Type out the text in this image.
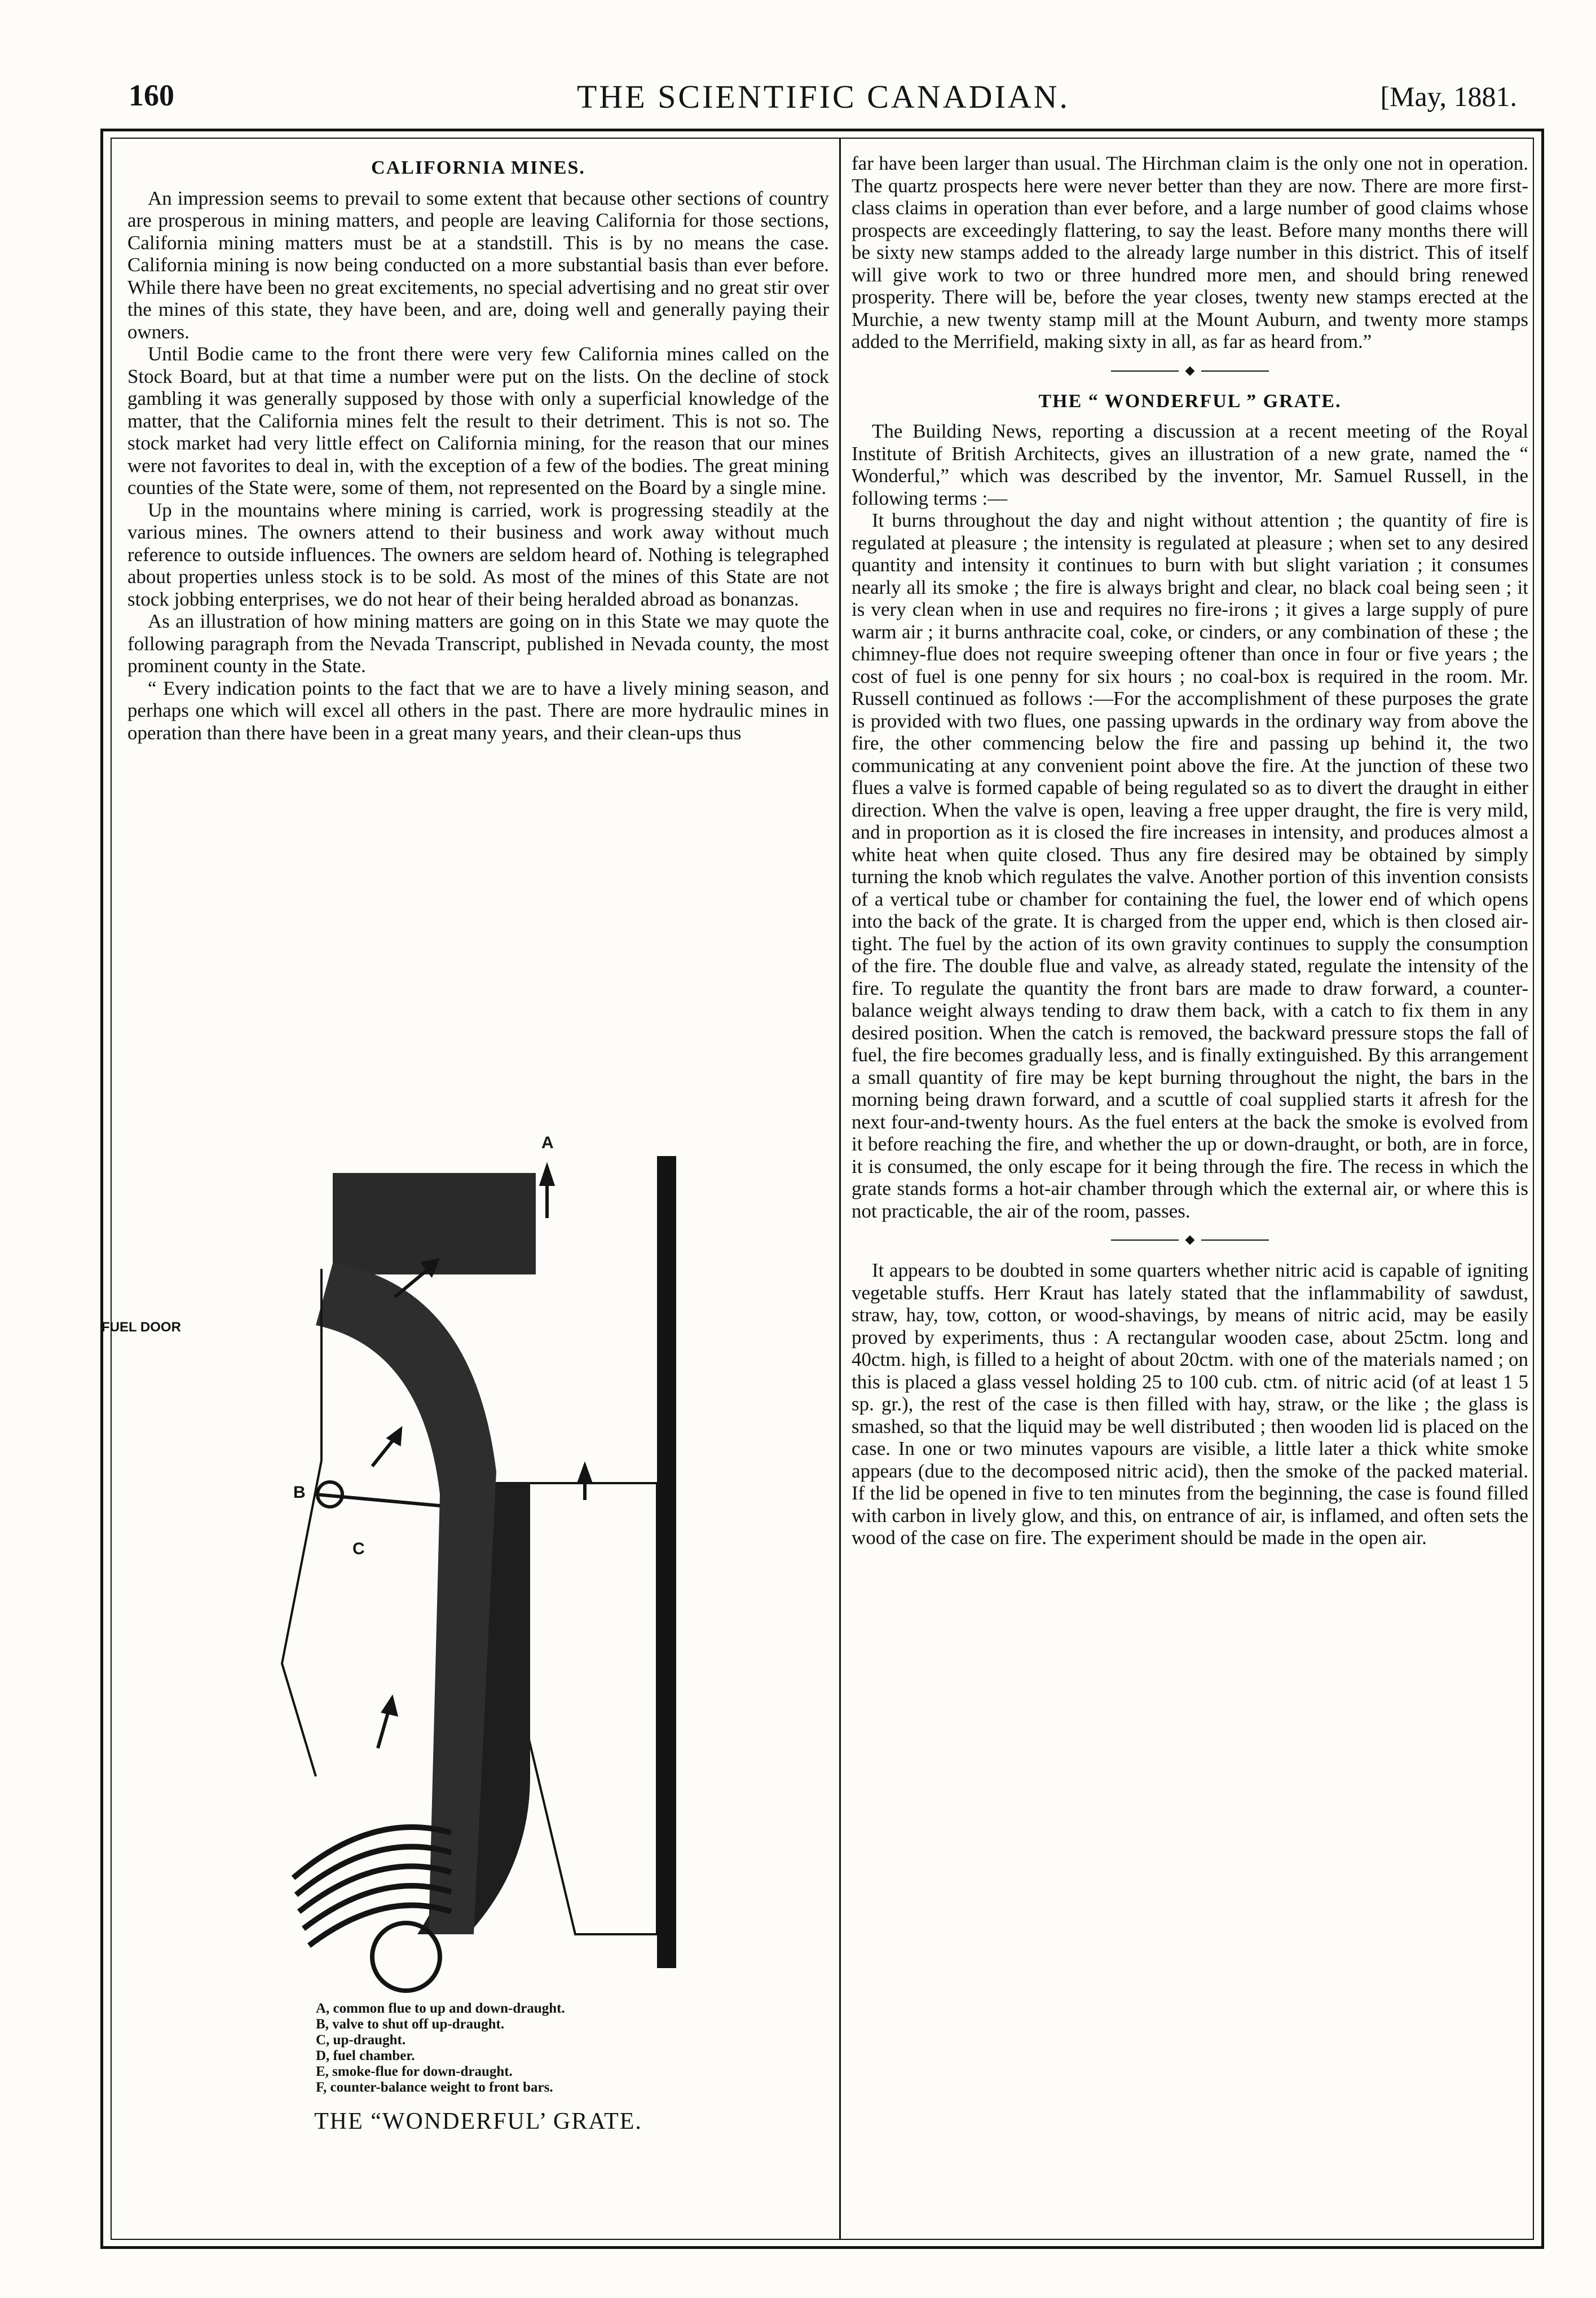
160	THE SCIENTIFIC CANADIAN.	[May, 1881.
CALIFORNIA MINES.

An impression seems to prevail to some extent that because other sections of country are prosperous in mining matters, and people are leaving California for those sections, California mining matters must be at a standstill. This is by no means the case. California mining is now being conducted on a more substantial basis than ever before. While there have been no great excitements, no special advertising and no great stir over the mines of this state, they have been, and are, doing well and generally paying their owners.

Until Bodie came to the front there were very few California mines called on the Stock Board, but at that time a number were put on the lists. On the decline of stock gambling it was generally supposed by those with only a superficial knowledge of the matter, that the California mines felt the result to their detriment. This is not so. The stock market had very little effect on California mining, for the reason that our mines were not favorites to deal in, with the exception of a few of the bodies. The great mining counties of the State were, some of them, not represented on the Board by a single mine.

Up in the mountains where mining is carried, work is progressing steadily at the various mines. The owners attend to their business and work away without much reference to outside influences. The owners are seldom heard of. Nothing is telegraphed about properties unless stock is to be sold. As most of the mines of this State are not stock jobbing enterprises, we do not hear of their being heralded abroad as bonanzas.

As an illustration of how mining matters are going on in this State we may quote the following paragraph from the Nevada Transcript, published in Nevada county, the most prominent county in the State.

“ Every indication points to the fact that we are to have a lively mining season, and perhaps one which will excel all others in the past. There are more hydraulic mines in operation than there have been in a great many years, and their clean-ups thus

FUEL DOOR
A
B
C
A, common flue to up and down-draught.
B, valve to shut off up-draught.
C, up-draught.
D, fuel chamber.
E, smoke-flue for down-draught.
F, counter-balance weight to front bars.
THE “WONDERFUL’ GRATE.

far have been larger than usual. The Hirchman claim is the only one not in operation. The quartz prospects here were never better than they are now. There are more first-class claims in operation than ever before, and a large number of good claims whose prospects are exceedingly flattering, to say the least. Before many months there will be sixty new stamps added to the already large number in this district. This of itself will give work to two or three hundred more men, and should bring renewed prosperity. There will be, before the year closes, twenty new stamps erected at the Murchie, a new twenty stamp mill at the Mount Auburn, and twenty more stamps added to the Merrifield, making sixty in all, as far as heard from.”

THE “ WONDERFUL ” GRATE.

The Building News, reporting a discussion at a recent meeting of the Royal Institute of British Architects, gives an illustration of a new grate, named the “ Wonderful,” which was described by the inventor, Mr. Samuel Russell, in the following terms :—

It burns throughout the day and night without attention ; the quantity of fire is regulated at pleasure ; the intensity is regulated at pleasure ; when set to any desired quantity and intensity it continues to burn with but slight variation ; it consumes nearly all its smoke ; the fire is always bright and clear, no black coal being seen ; it is very clean when in use and requires no fire-irons ; it gives a large supply of pure warm air ; it burns anthracite coal, coke, or cinders, or any combination of these ; the chimney-flue does not require sweeping oftener than once in four or five years ; the cost of fuel is one penny for six hours ; no coal-box is required in the room. Mr. Russell continued as follows :—For the accomplishment of these purposes the grate is provided with two flues, one passing upwards in the ordinary way from above the fire, the other commencing below the fire and passing up behind it, the two communicating at any convenient point above the fire. At the junction of these two flues a valve is formed capable of being regulated so as to divert the draught in either direction. When the valve is open, leaving a free upper draught, the fire is very mild, and in proportion as it is closed the fire increases in intensity, and produces almost a white heat when quite closed. Thus any fire desired may be obtained by simply turning the knob which regulates the valve. Another portion of this invention consists of a vertical tube or chamber for containing the fuel, the lower end of which opens into the back of the grate. It is charged from the upper end, which is then closed air-tight. The fuel by the action of its own gravity continues to supply the consumption of the fire. The double flue and valve, as already stated, regulate the intensity of the fire. To regulate the quantity the front bars are made to draw forward, a counter-balance weight always tending to draw them back, with a catch to fix them in any desired position. When the catch is removed, the backward pressure stops the fall of fuel, the fire becomes gradually less, and is finally extinguished. By this arrangement a small quantity of fire may be kept burning throughout the night, the bars in the morning being drawn forward, and a scuttle of coal supplied starts it afresh for the next four-and-twenty hours. As the fuel enters at the back the smoke is evolved from it before reaching the fire, and whether the up or down-draught, or both, are in force, it is consumed, the only escape for it being through the fire. The recess in which the grate stands forms a hot-air chamber through which the external air, or where this is not practicable, the air of the room, passes.

It appears to be doubted in some quarters whether nitric acid is capable of igniting vegetable stuffs. Herr Kraut has lately stated that the inflammability of sawdust, straw, hay, tow, cotton, or wood-shavings, by means of nitric acid, may be easily proved by experiments, thus : A rectangular wooden case, about 25ctm. long and 40ctm. high, is filled to a height of about 20ctm. with one of the materials named ; on this is placed a glass vessel holding 25 to 100 cub. ctm. of nitric acid (of at least 1 5 sp. gr.), the rest of the case is then filled with hay, straw, or the like ; the glass is smashed, so that the liquid may be well distributed ; then wooden lid is placed on the case. In one or two minutes vapours are visible, a little later a thick white smoke appears (due to the decomposed nitric acid), then the smoke of the packed material. If the lid be opened in five to ten minutes from the beginning, the case is found filled with carbon in lively glow, and this, on entrance of air, is inflamed, and often sets the wood of the case on fire. The experiment should be made in the open air.
